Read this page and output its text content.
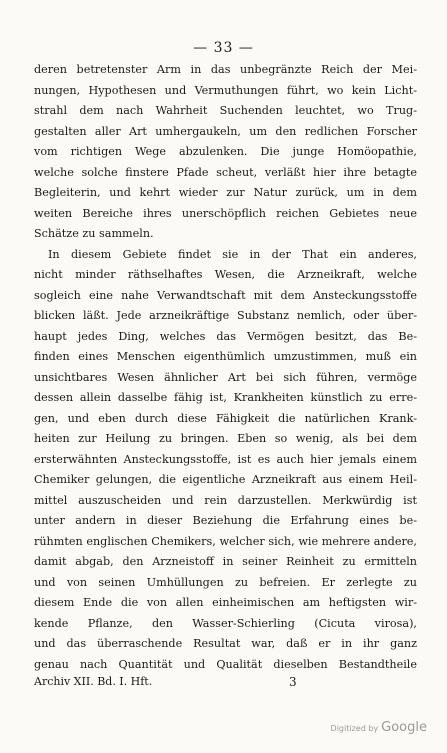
— 33 —
deren betretenster Arm in das unbegränzte Reich der Mei-
nungen, Hypothesen und Vermuthungen führt, wo kein Licht-
strahl dem nach Wahrheit Suchenden leuchtet, wo Trug-
gestalten aller Art umhergaukeln, um den redlichen Forscher
vom richtigen Wege abzulenken. Die junge Homöopathie,
welche solche finstere Pfade scheut, verläßt hier ihre betagte
Begleiterin, und kehrt wieder zur Natur zurück, um in dem
weiten Bereiche ihres unerschöpflich reichen Gebietes neue
Schätze zu sammeln.
In diesem Gebiete findet sie in der That ein anderes,
nicht minder räthselhaftes Wesen, die Arzneikraft, welche
sogleich eine nahe Verwandtschaft mit dem Ansteckungsstoffe
blicken läßt. Jede arzneikräftige Substanz nemlich, oder über-
haupt jedes Ding, welches das Vermögen besitzt, das Be-
finden eines Menschen eigenthümlich umzustimmen, muß ein
unsichtbares Wesen ähnlicher Art bei sich führen, vermöge
dessen allein dasselbe fähig ist, Krankheiten künstlich zu erre-
gen, und eben durch diese Fähigkeit die natürlichen Krank-
heiten zur Heilung zu bringen. Eben so wenig, als bei dem
ersterwähnten Ansteckungsstoffe, ist es auch hier jemals einem
Chemiker gelungen, die eigentliche Arzneikraft aus einem Heil-
mittel auszuscheiden und rein darzustellen. Merkwürdig ist
unter andern in dieser Beziehung die Erfahrung eines be-
rühmten englischen Chemikers, welcher sich, wie mehrere andere,
damit abgab, den Arzneistoff in seiner Reinheit zu ermitteln
und von seinen Umhüllungen zu befreien. Er zerlegte zu
diesem Ende die von allen einheimischen am heftigsten wir-
kende Pflanze, den Wasser-Schierling (Cicuta virosa),
und das überraschende Resultat war, daß er in ihr ganz
genau nach Quantität und Qualität dieselben Bestandtheile
Archiv XII. Bd. I. Hft.	3
Digitized by Google
